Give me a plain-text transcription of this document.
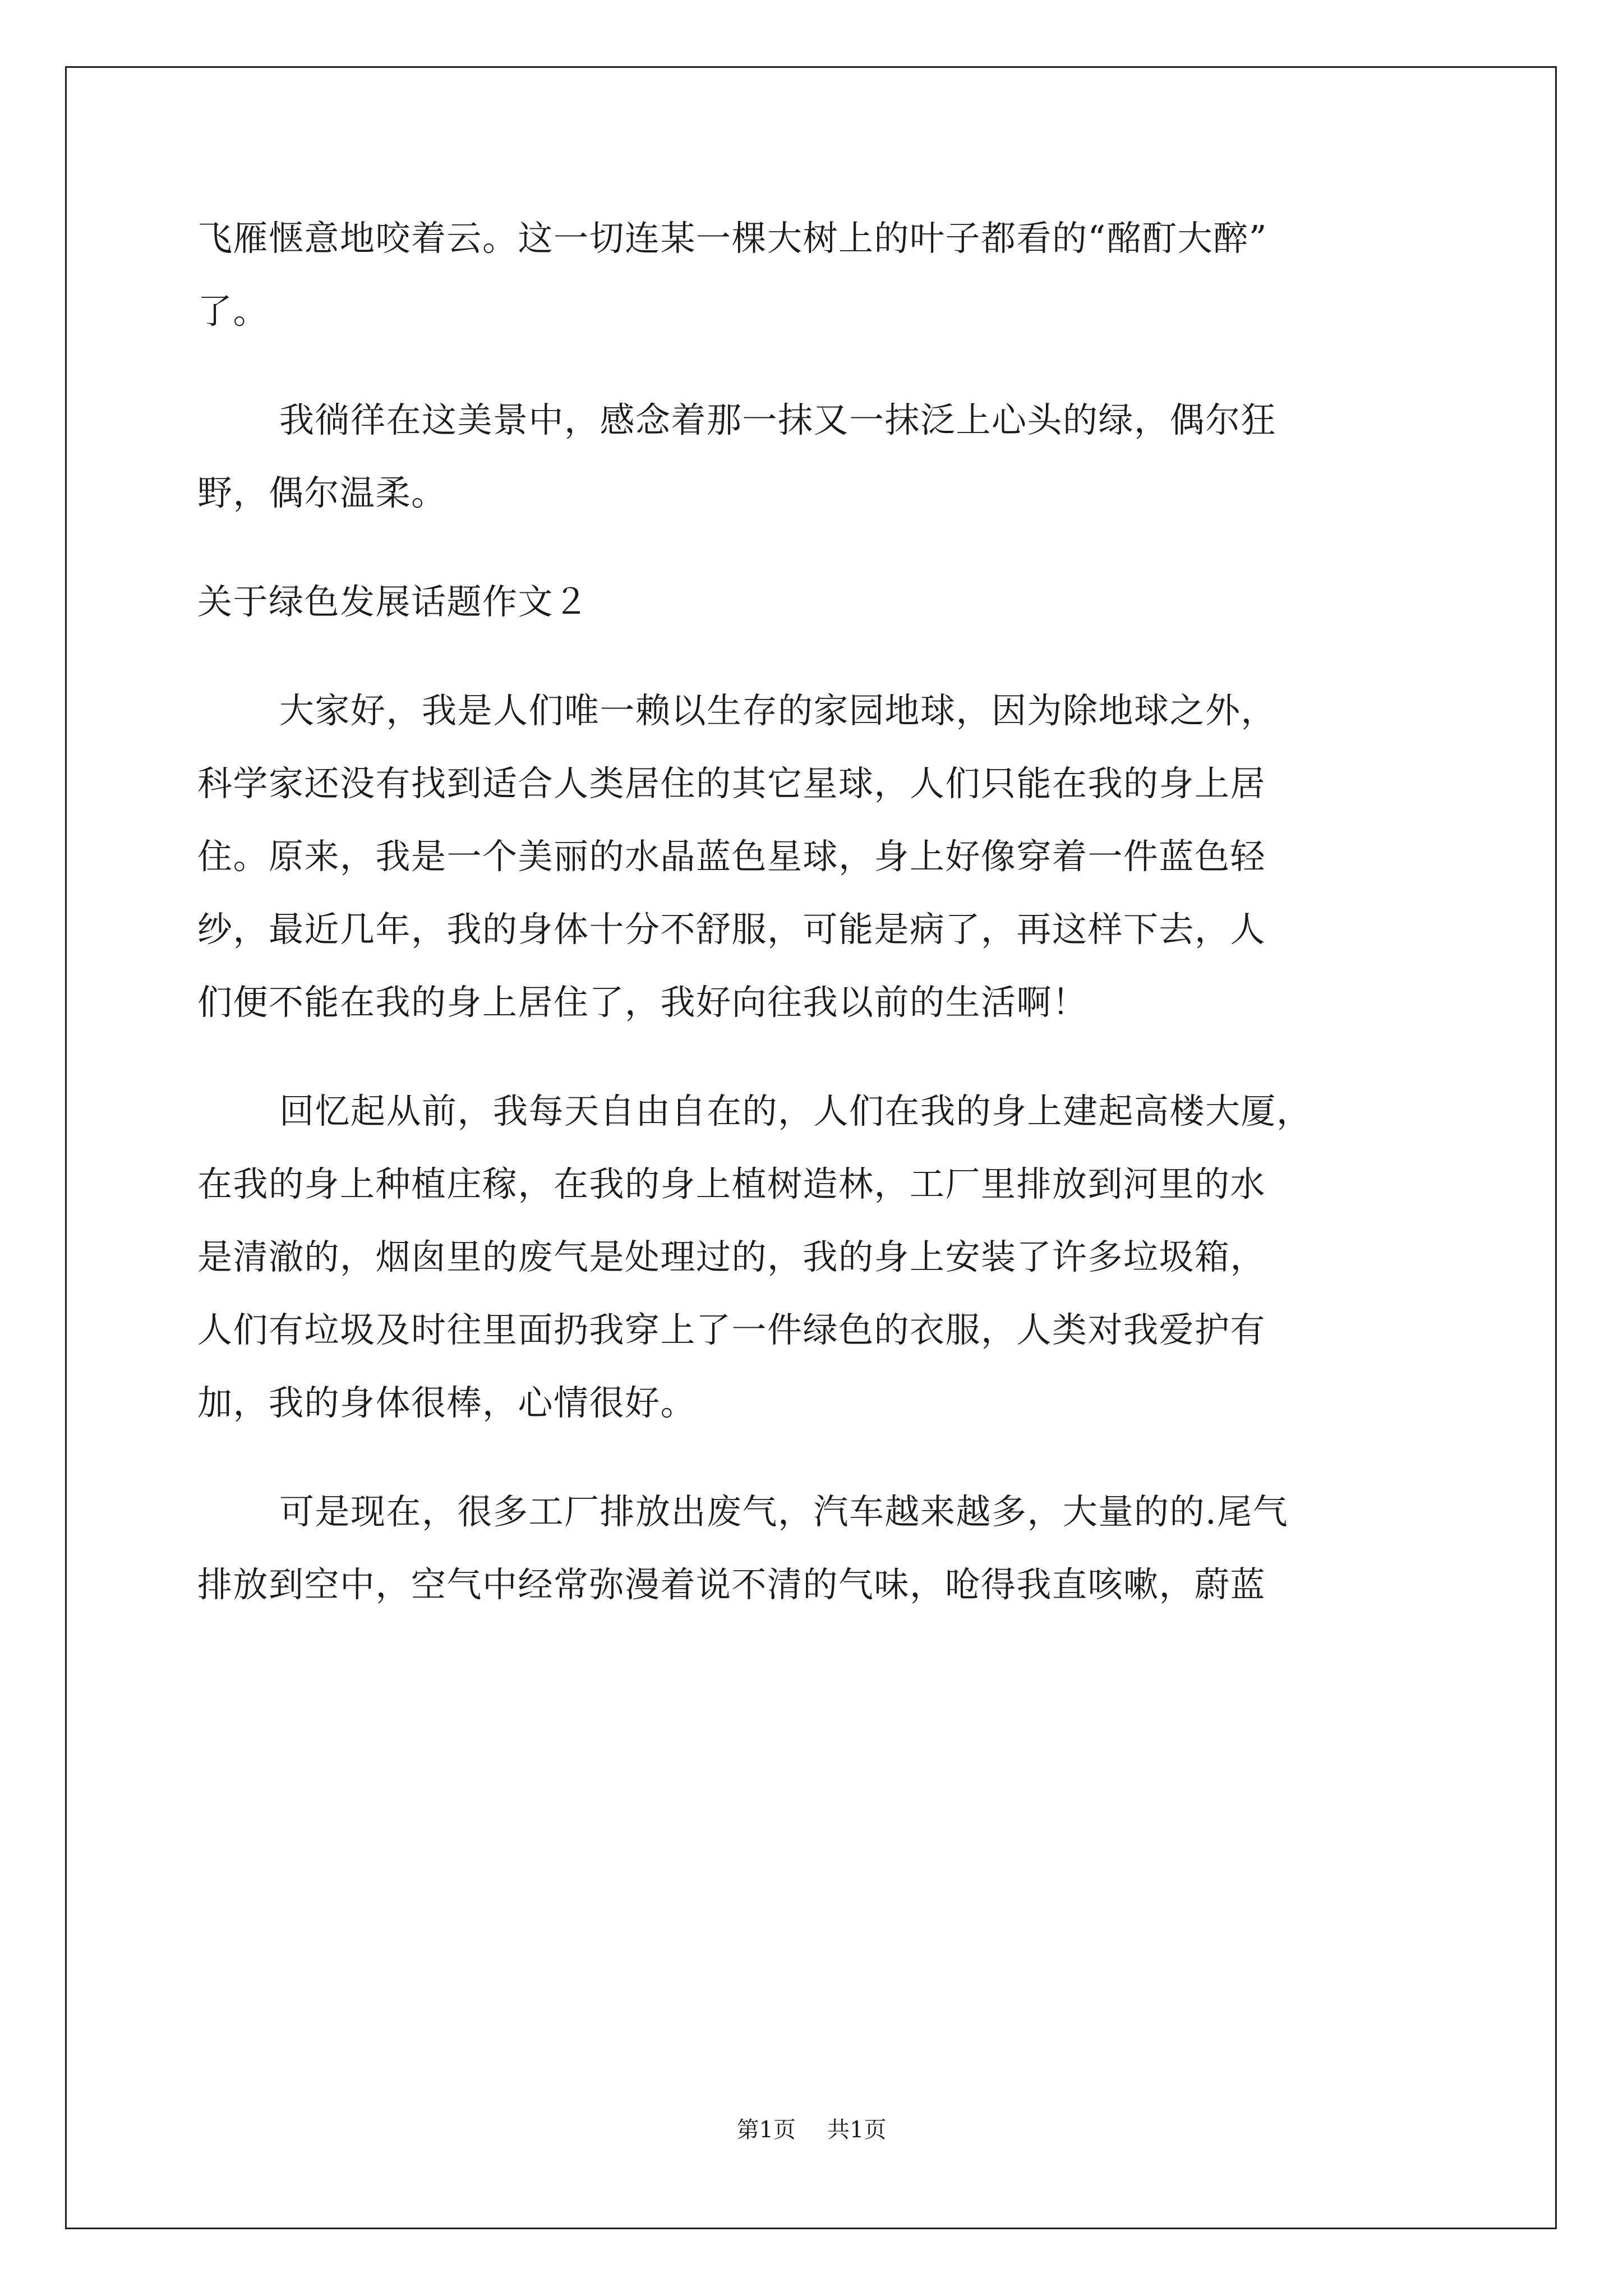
飞雁惬意地咬着云。这一切连某一棵大树上的叶子都看的“酩酊大醉”

了。

我徜徉在这美景中，感念着那一抹又一抹泛上心头的绿，偶尔狂

野，偶尔温柔。

关于绿色发展话题作文２

大家好，我是人们唯一赖以生存的家园地球，因为除地球之外，

科学家还没有找到适合人类居住的其它星球，人们只能在我的身上居

住。原来，我是一个美丽的水晶蓝色星球，身上好像穿着一件蓝色轻

纱，最近几年，我的身体十分不舒服，可能是病了，再这样下去，人

们便不能在我的身上居住了，我好向往我以前的生活啊！

回忆起从前，我每天自由自在的，人们在我的身上建起高楼大厦，

在我的身上种植庄稼，在我的身上植树造林，工厂里排放到河里的水

是清澈的，烟囱里的废气是处理过的，我的身上安装了许多垃圾箱，

人们有垃圾及时往里面扔我穿上了一件绿色的衣服，人类对我爱护有

加，我的身体很棒，心情很好。

可是现在，很多工厂排放出废气，汽车越来越多，大量的的.尾气

排放到空中，空气中经常弥漫着说不清的气味，呛得我直咳嗽，蔚蓝

第1页 共1页
